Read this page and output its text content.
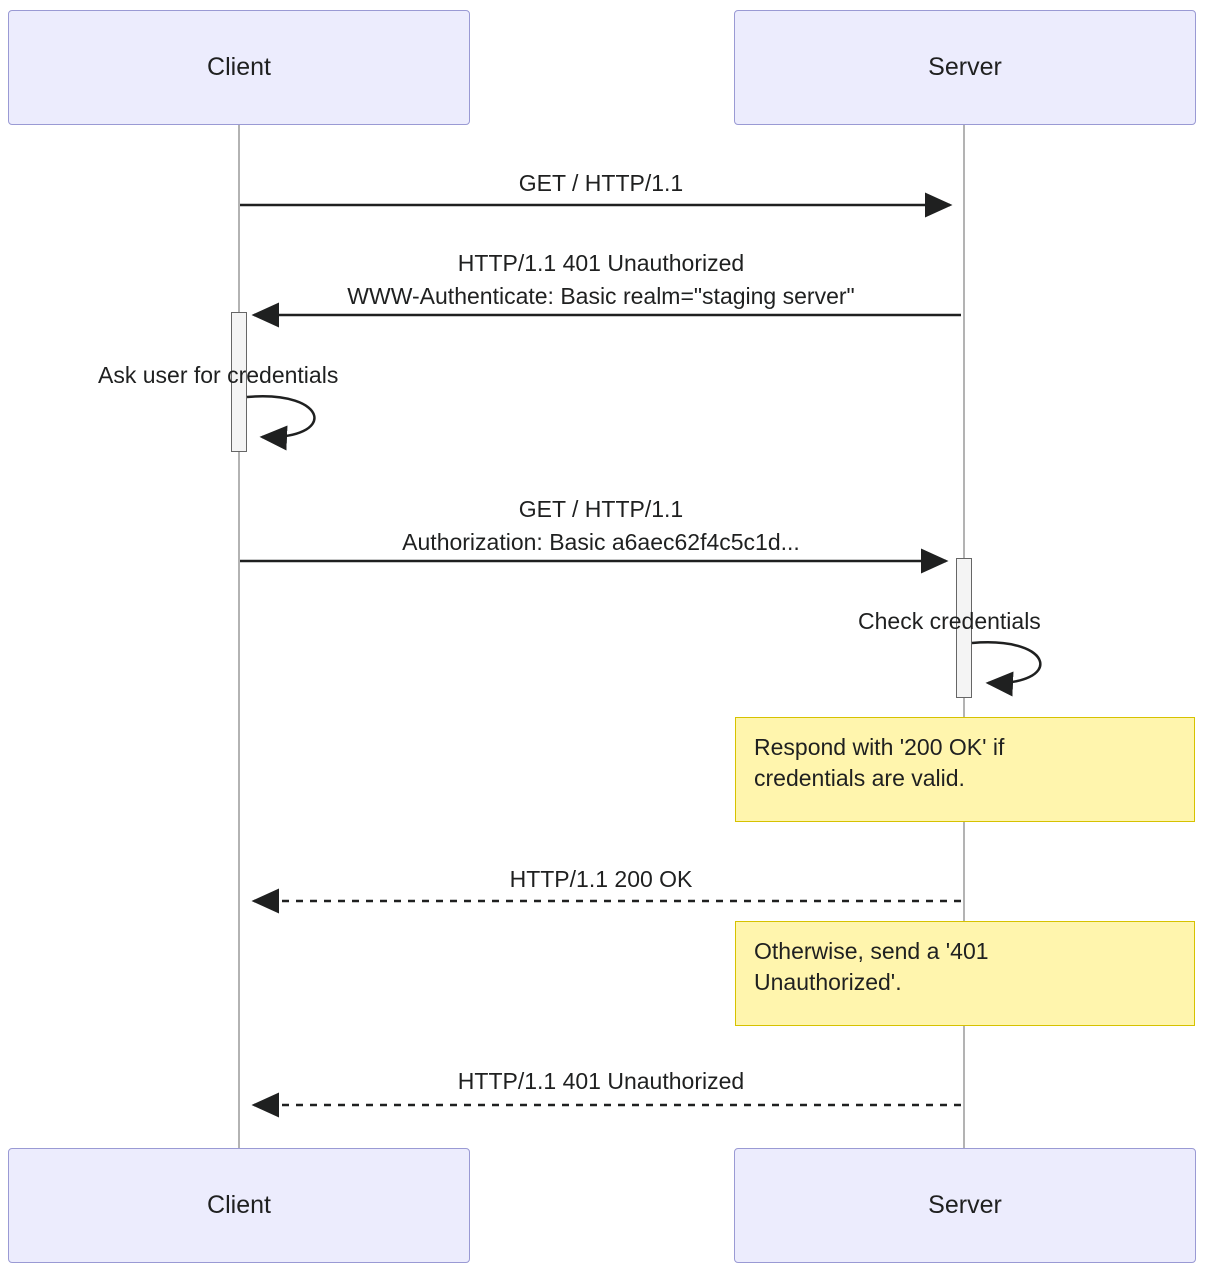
Client	Server
GET / HTTP/1.1
HTTP/1.1 401 Unauthorized
WWW-Authenticate: Basic realm="staging server"
Ask user for credentials
GET / HTTP/1.1
Authorization: Basic a6aec62f4c5c1d...
Check credentials
HTTP/1.1 200 OK
HTTP/1.1 401 Unauthorized
Respond with '200 OK' if
credentials are valid.
Otherwise, send a '401
Unauthorized'.
Client	Server
